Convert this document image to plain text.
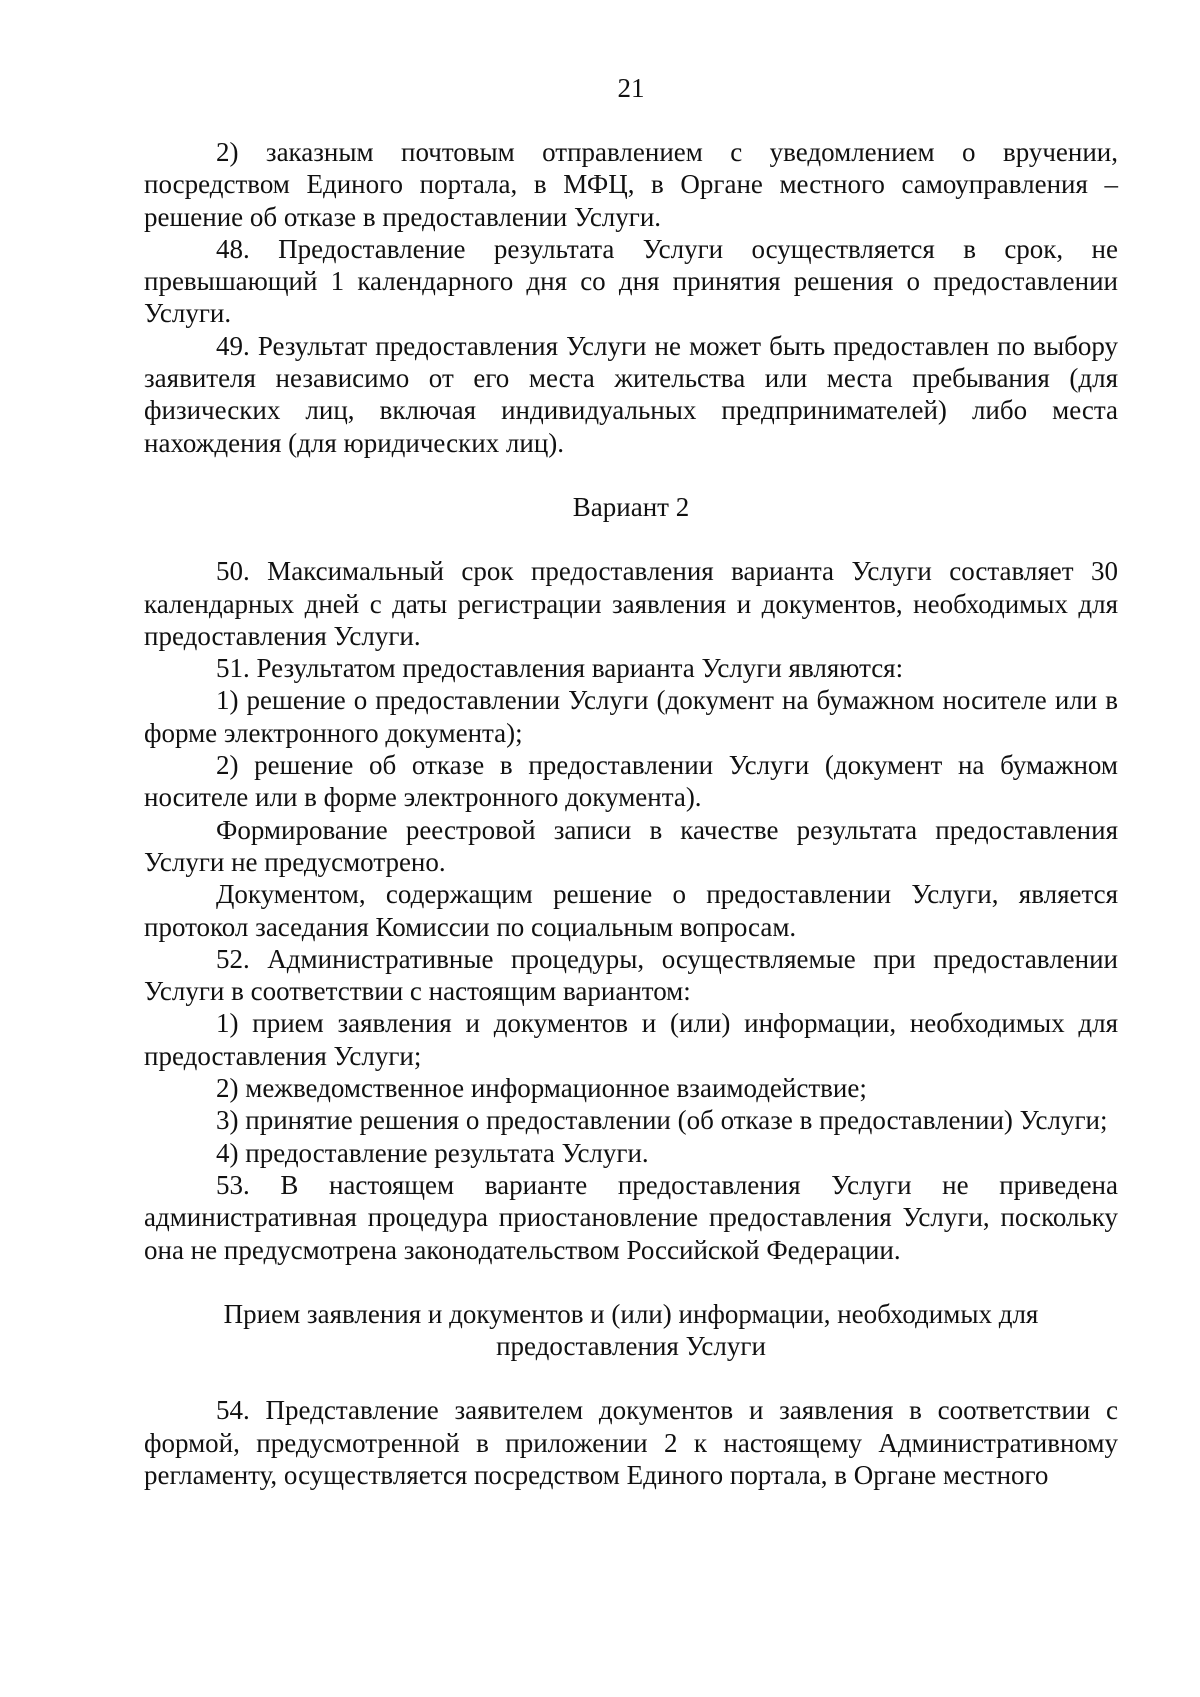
21

2) заказным почтовым отправлением с уведомлением о вручении, посредством Единого портала, в МФЦ, в Органе местного самоуправления – решение об отказе в предоставлении Услуги.

48. Предоставление результата Услуги осуществляется в срок, не превышающий 1 календарного дня со дня принятия решения о предоставлении Услуги.

49. Результат предоставления Услуги не может быть предоставлен по выбору заявителя независимо от его места жительства или места пребывания (для физических лиц, включая индивидуальных предпринимателей) либо места нахождения (для юридических лиц).

Вариант 2

50. Максимальный срок предоставления варианта Услуги составляет 30 календарных дней с даты регистрации заявления и документов, необходимых для предоставления Услуги.

51. Результатом предоставления варианта Услуги являются:

1) решение о предоставлении Услуги (документ на бумажном носителе или в форме электронного документа);

2) решение об отказе в предоставлении Услуги (документ на бумажном носителе или в форме электронного документа).

Формирование реестровой записи в качестве результата предоставления Услуги не предусмотрено.

Документом, содержащим решение о предоставлении Услуги, является протокол заседания Комиссии по социальным вопросам.

52. Административные процедуры, осуществляемые при предоставлении Услуги в соответствии с настоящим вариантом:

1) прием заявления и документов и (или) информации, необходимых для предоставления Услуги;

2) межведомственное информационное взаимодействие;

3) принятие решения о предоставлении (об отказе в предоставлении) Услуги;

4) предоставление результата Услуги.

53. В настоящем варианте предоставления Услуги не приведена административная процедура приостановление предоставления Услуги, поскольку она не предусмотрена законодательством Российской Федерации.

Прием заявления и документов и (или) информации, необходимых для предоставления Услуги

54. Представление заявителем документов и заявления в соответствии с формой, предусмотренной в приложении 2 к настоящему Административному регламенту, осуществляется посредством Единого портала, в Органе местного
